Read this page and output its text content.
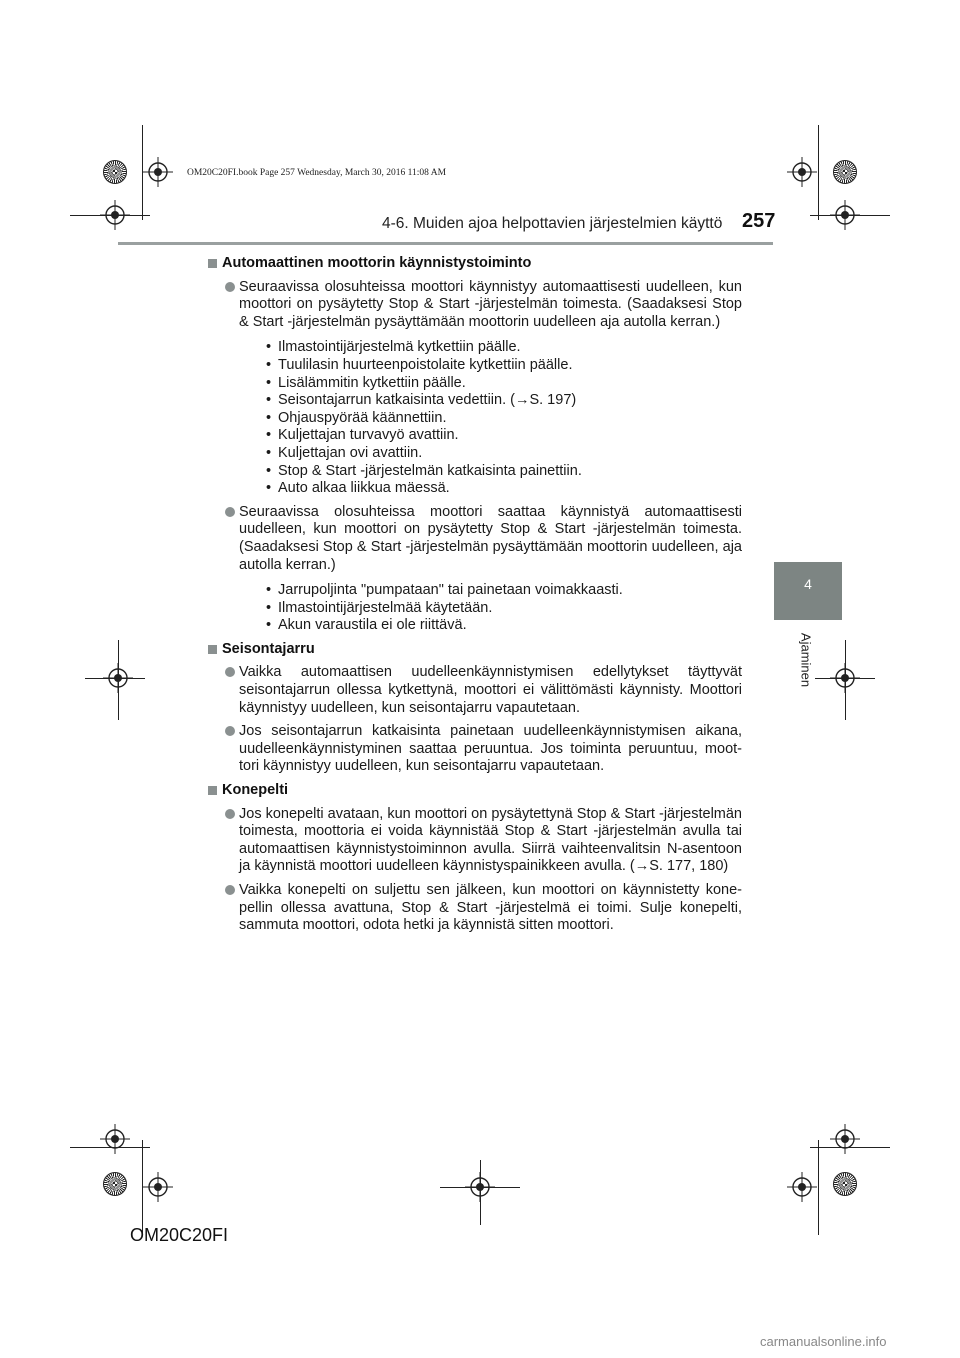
OM20C20FI.book Page 257 Wednesday, March 30, 2016 11:08 AM
4-6. Muiden ajoa helpottavien järjestelmien käyttö 257
4
Ajaminen
Automaattinen moottorin käynnistystoiminto
Seuraavissa olosuhteissa moottori käynnistyy automaattisesti uudelleen, kun moottori on pysäytetty Stop & Start -järjestelmän toimesta. (Saadaksesi Stop & Start -järjestelmän pysäyttämään moottorin uudelleen aja autolla kerran.)
• Ilmastointijärjestelmä kytkettiin päälle.
• Tuulilasin huurteenpoistolaite kytkettiin päälle.
• Lisälämmitin kytkettiin päälle.
• Seisontajarrun katkaisinta vedettiin. (→S. 197)
• Ohjauspyörää käännettiin.
• Kuljettajan turvavyö avattiin.
• Kuljettajan ovi avattiin.
• Stop & Start -järjestelmän katkaisinta painettiin.
• Auto alkaa liikkua mäessä.
Seuraavissa olosuhteissa moottori saattaa käynnistyä automaattisesti uudelleen, kun moottori on pysäytetty Stop & Start -järjestelmän toimesta. (Saadaksesi Stop & Start -järjestelmän pysäyttämään moottorin uudelleen, aja autolla kerran.)
• Jarrupoljinta "pumpataan" tai painetaan voimakkaasti.
• Ilmastointijärjestelmää käytetään.
• Akun varaustila ei ole riittävä.
Seisontajarru
Vaikka automaattisen uudelleenkäynnistymisen edellytykset täyttyvät seisontajarrun ollessa kytkettynä, moottori ei välittömästi käynnisty. Moottori käynnistyy uudelleen, kun seisontajarru vapautetaan.
Jos seisontajarrun katkaisinta painetaan uudelleenkäynnistymisen aikana, uudelleenkäynnistyminen saattaa peruuntua. Jos toiminta peruuntuu, moot-tori käynnistyy uudelleen, kun seisontajarru vapautetaan.
Konepelti
Jos konepelti avataan, kun moottori on pysäytettynä Stop & Start -järjestelmän toimesta, moottoria ei voida käynnistää Stop & Start -järjestelmän avulla tai automaattisen käynnistystoiminnon avulla. Siirrä vaihteenvalitsin N-asentoon ja käynnistä moottori uudelleen käynnistyspainikkeen avulla. (→S. 177, 180)
Vaikka konepelti on suljettu sen jälkeen, kun moottori on käynnistetty kone-pellin ollessa avattuna, Stop & Start -järjestelmä ei toimi. Sulje konepelti, sammuta moottori, odota hetki ja käynnistä sitten moottori.
OM20C20FI
carmanualsonline.info
